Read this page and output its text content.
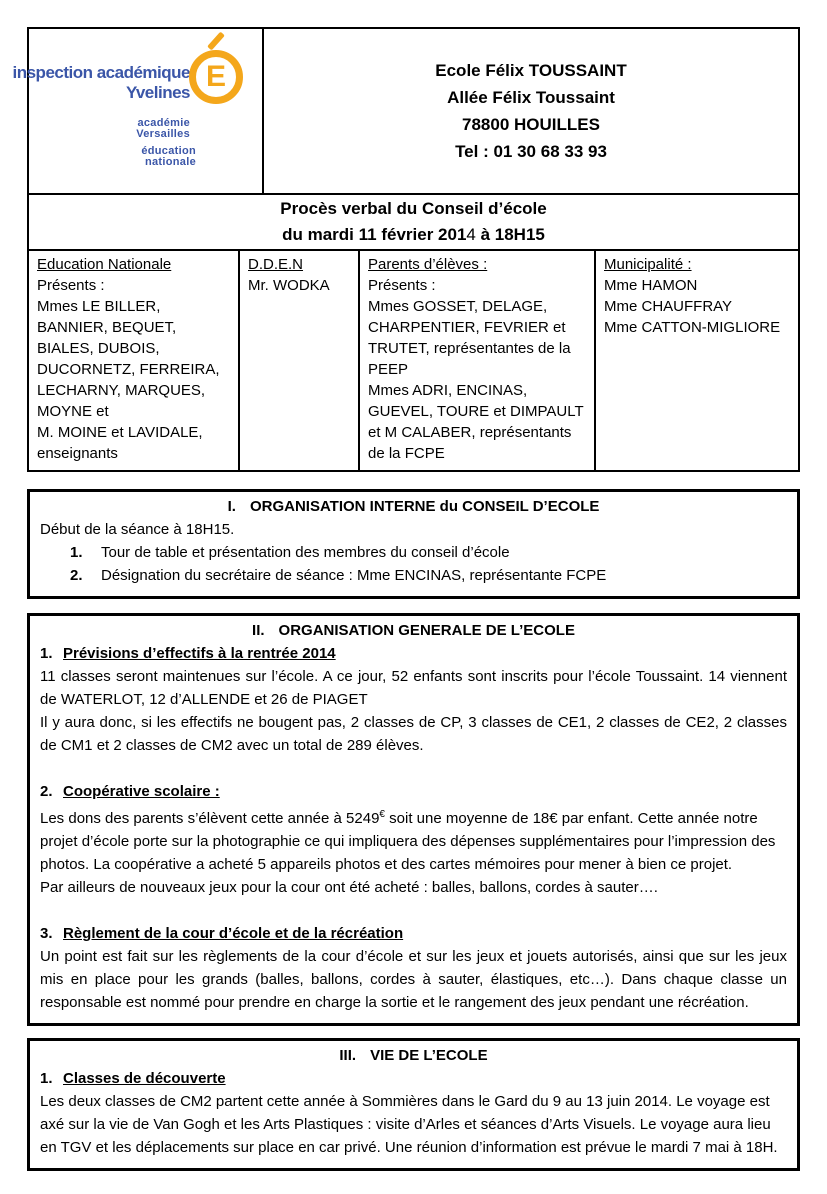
inspection académique
Yvelines E
académie
Versailles
éducation
nationale
Ecole Félix TOUSSAINT
Allée Félix Toussaint
78800 HOUILLES
Tel : 01 30 68 33 93
Procès verbal du Conseil d’école
du mardi 11 février 2014 à 18H15
Education Nationale
Présents :
Mmes LE BILLER, BANNIER, BEQUET, BIALES, DUBOIS, DUCORNETZ, FERREIRA, LECHARNY, MARQUES, MOYNE et
M. MOINE et LAVIDALE, enseignants
D.D.E.N
Mr. WODKA
Parents d’élèves :
Présents :
Mmes GOSSET, DELAGE, CHARPENTIER, FEVRIER et TRUTET, représentantes de la PEEP
Mmes ADRI, ENCINAS, GUEVEL, TOURE et DIMPAULT et M CALABER, représentants de la FCPE
Municipalité :
Mme HAMON
Mme CHAUFFRAY
Mme CATTON-MIGLIORE
I. ORGANISATION INTERNE du CONSEIL D’ECOLE
Début de la séance à 18H15.
1. Tour de table et présentation des membres du conseil d’école
2. Désignation du secrétaire de séance : Mme ENCINAS, représentante FCPE
II. ORGANISATION GENERALE DE L’ECOLE
1. Prévisions d’effectifs à la rentrée 2014
11 classes seront maintenues sur l’école. A ce jour, 52 enfants sont inscrits pour l’école Toussaint. 14 viennent de WATERLOT, 12 d’ALLENDE et 26 de PIAGET
Il y aura donc, si les effectifs ne bougent pas, 2 classes de CP, 3 classes de CE1, 2 classes de CE2, 2 classes de CM1 et 2 classes de CM2 avec un total de 289 élèves.
2. Coopérative scolaire :
Les dons des parents s’élèvent cette année à 5249€ soit une moyenne de 18€ par enfant. Cette année notre projet d’école porte sur la photographie ce qui impliquera des dépenses supplémentaires pour l’impression des photos. La coopérative a acheté 5 appareils photos et des cartes mémoires pour mener à bien ce projet.
Par ailleurs de nouveaux jeux pour la cour ont été acheté : balles, ballons, cordes à sauter….
3. Règlement de la cour d’école et de la récréation
Un point est fait sur les règlements de la cour d’école et sur les jeux et jouets autorisés, ainsi que sur les jeux mis en place pour les grands (balles, ballons, cordes à sauter, élastiques, etc…). Dans chaque classe un responsable est nommé pour prendre en charge la sortie et le rangement des jeux pendant une récréation.
III. VIE DE L’ECOLE
1. Classes de découverte
Les deux classes de CM2 partent cette année à Sommières dans le Gard du 9 au 13 juin 2014. Le voyage est axé sur la vie de Van Gogh et les Arts Plastiques : visite d’Arles et séances d’Arts Visuels. Le voyage aura lieu en TGV et les déplacements sur place en car privé. Une réunion d’information est prévue le mardi 7 mai à 18H.
